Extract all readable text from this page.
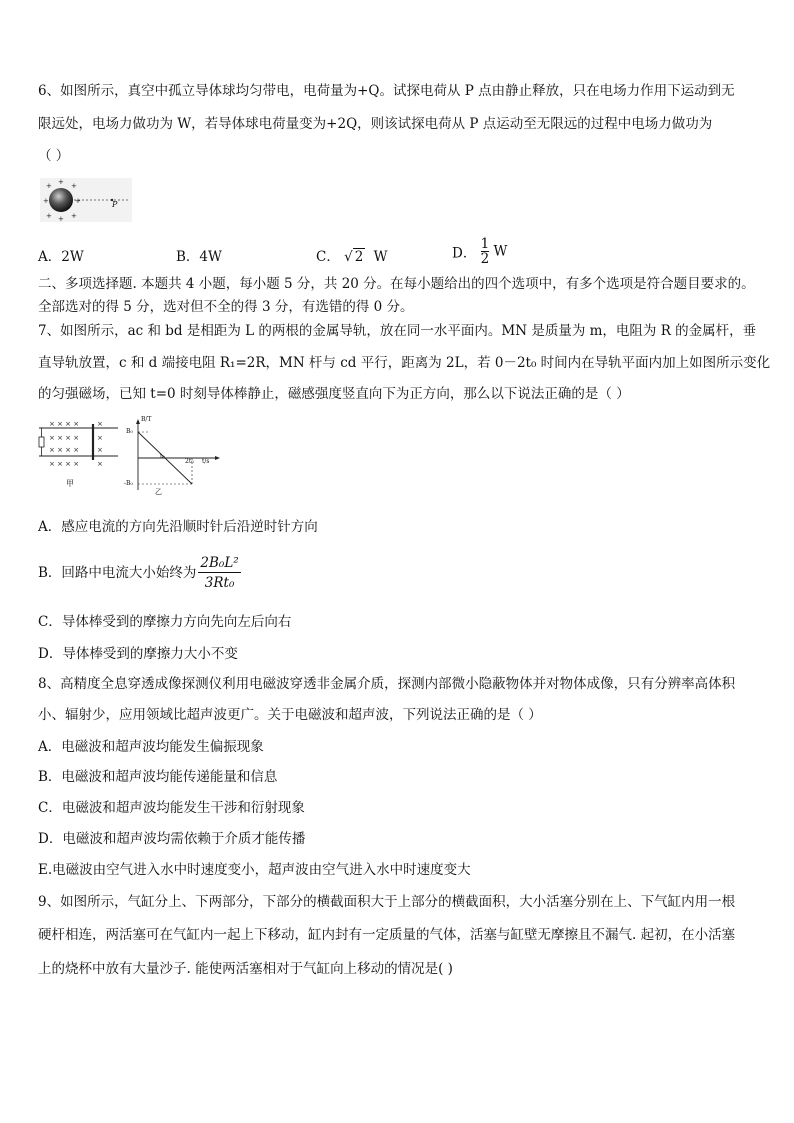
6、如图所示，真空中孤立导体球均匀带电，电荷量为+Q。试探电荷从 P 点由静止释放，只在电场力作用下运动到无
限远处，电场力做功为 W，若导体球电荷量变为+2Q，则该试探电荷从 P 点运动至无限远的过程中电场力做功为
（ ）
+ + +
+	+
+ + +
P
A．2W	B．4W	C． √ 2 W	D． $\frac{1}{2}$ W
二、多项选择题. 本题共 4 小题，每小题 5 分，共 20 分。在每小题给出的四个选项中，有多个选项是符合题目要求的。
全部选对的得 5 分，选对但不全的得 3 分，有选错的得 0 分。
7、如图所示，ac 和 bd 是相距为 L 的两根的金属导轨，放在同一水平面内。MN 是质量为 m，电阻为 R 的金属杆，垂
直导轨放置，c 和 d 端接电阻 R₁=2R，MN 杆与 cd 平行，距离为 2L，若 0－2t₀ 时间内在导轨平面内加上如图所示变化
的匀强磁场，已知 t=0 时刻导体棒静止，磁感强度竖直向下为正方向，那么以下说法正确的是（ ）
× × × ×
× × × ×
× × × ×
× × × ×
×
×
×
×
甲
B/T
B₀
-B₀
t₀
2t₀ t/s
乙
A．感应电流的方向先沿顺时针后沿逆时针方向
B．回路中电流大小始终为 $\frac{\text{2B₀L²}}{\text{3Rt₀}}$
C．导体棒受到的摩擦力方向先向左后向右
D．导体棒受到的摩擦力大小不变
8、高精度全息穿透成像探测仪利用电磁波穿透非金属介质，探测内部微小隐蔽物体并对物体成像，只有分辨率高体积
小、辐射少，应用领域比超声波更广。关于电磁波和超声波，下列说法正确的是（ ）
A．电磁波和超声波均能发生偏振现象
B．电磁波和超声波均能传递能量和信息
C．电磁波和超声波均能发生干涉和衍射现象
D．电磁波和超声波均需依赖于介质才能传播
E.电磁波由空气进入水中时速度变小，超声波由空气进入水中时速度变大
9、如图所示，气缸分上、下两部分，下部分的横截面积大于上部分的横截面积，大小活塞分别在上、下气缸内用一根
硬杆相连，两活塞可在气缸内一起上下移动，缸内封有一定质量的气体，活塞与缸壁无摩擦且不漏气. 起初，在小活塞
上的烧杯中放有大量沙子. 能使两活塞相对于气缸向上移动的情况是( )
